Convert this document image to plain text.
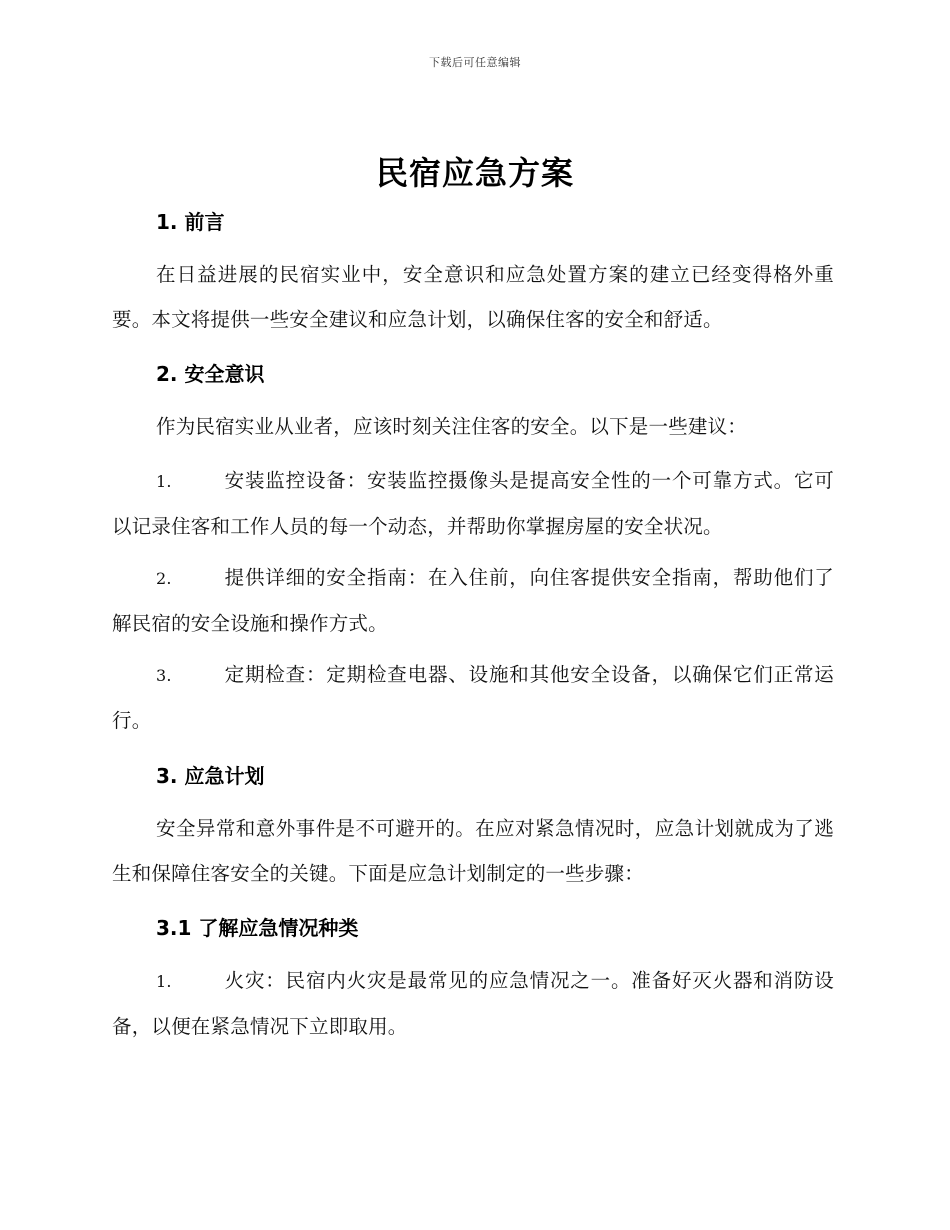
下载后可任意编辑
民宿应急方案
1. 前言
在日益进展的民宿实业中，安全意识和应急处置方案的建立已经变得格外重要。本文将提供一些安全建议和应急计划，以确保住客的安全和舒适。
2. 安全意识
作为民宿实业从业者，应该时刻关注住客的安全。以下是一些建议：
1.	安装监控设备：安装监控摄像头是提高安全性的一个可靠方式。它可以记录住客和工作人员的每一个动态，并帮助你掌握房屋的安全状况。
2.	提供详细的安全指南：在入住前，向住客提供安全指南，帮助他们了解民宿的安全设施和操作方式。
3.	定期检查：定期检查电器、设施和其他安全设备，以确保它们正常运行。
3. 应急计划
安全异常和意外事件是不可避开的。在应对紧急情况时，应急计划就成为了逃生和保障住客安全的关键。下面是应急计划制定的一些步骤：
3.1 了解应急情况种类
1.	火灾：民宿内火灾是最常见的应急情况之一。准备好灭火器和消防设备，以便在紧急情况下立即取用。
